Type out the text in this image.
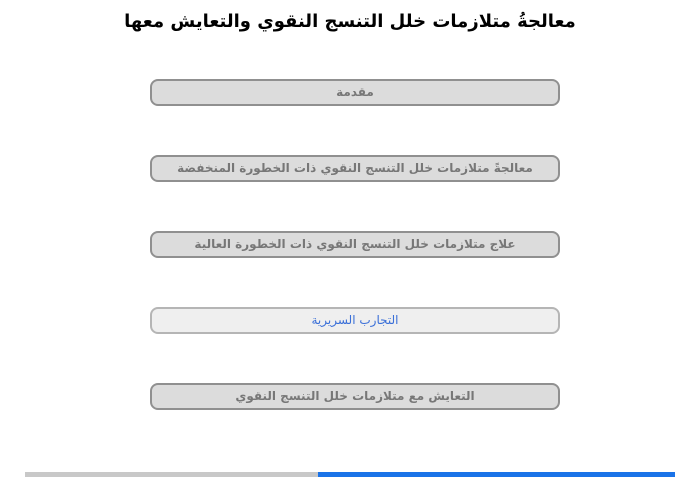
معالجةُ متلازمات خلل التنسج النقوي والتعايش معها
مقدمة
معالجةً متلازمات خلل التنسج النقوي ذات الخطورة المنخفضة
علاج متلازمات خلل التنسج النقوي ذات الخطورة العالية
التجارب السريرية
التعايش مع متلازمات خلل التنسج النقوي
